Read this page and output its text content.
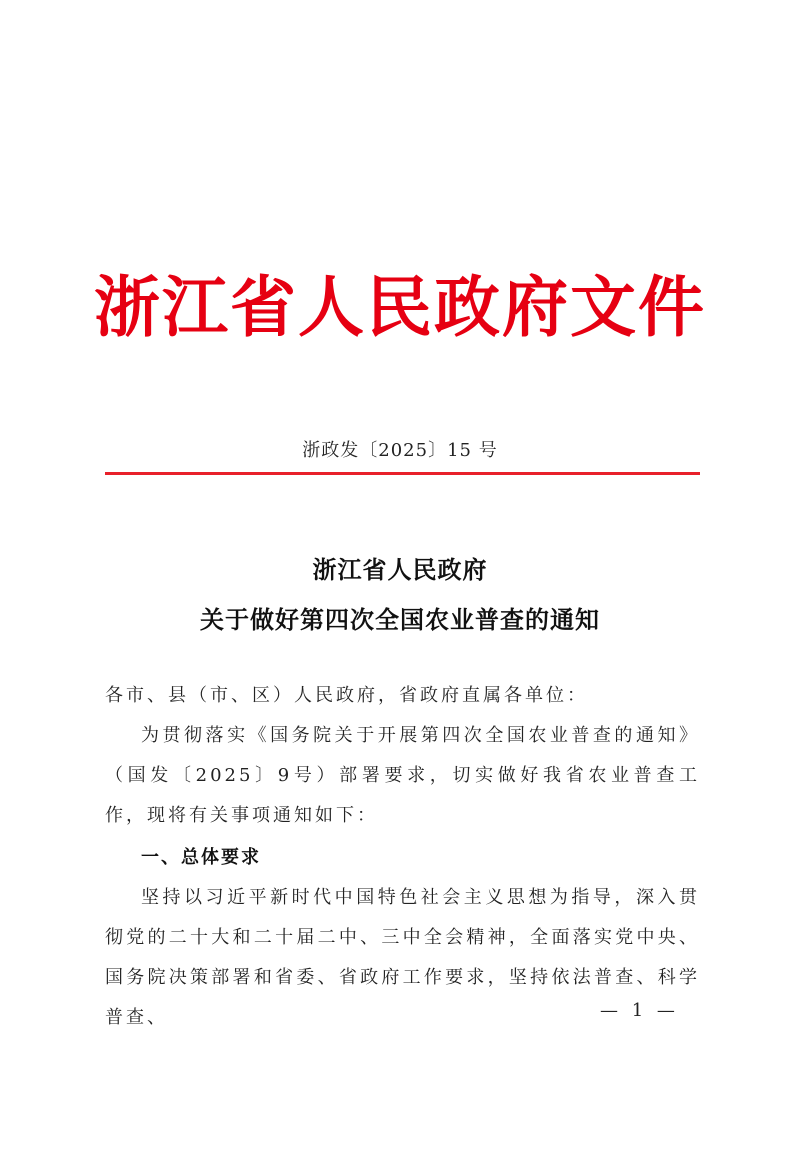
浙江省人民政府文件
浙政发〔2025〕15 号
浙江省人民政府
关于做好第四次全国农业普查的通知
各市、县（市、区）人民政府，省政府直属各单位：
为贯彻落实《国务院关于开展第四次全国农业普查的通知》（国发〔2025〕9号）部署要求，切实做好我省农业普查工作，现将有关事项通知如下：
一、总体要求
坚持以习近平新时代中国特色社会主义思想为指导，深入贯彻党的二十大和二十届二中、三中全会精神，全面落实党中央、国务院决策部署和省委、省政府工作要求，坚持依法普查、科学普查、	— 1 —
